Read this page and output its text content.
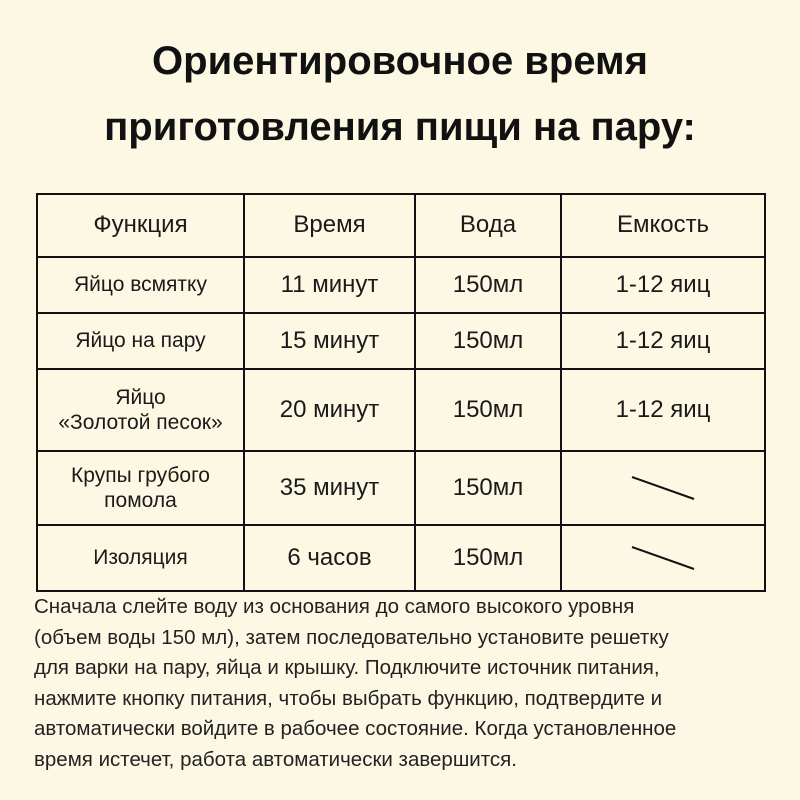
Ориентировочное время
приготовления пищи на пару:
Функция	Время	Вода	Емкость
Яйцо всмятку	11 минут	150мл	1-12 яиц
Яйцо на пару	15 минут	150мл	1-12 яиц

Яйцо
«Золотой песок»	20 минут	150мл	1-12 яиц

Крупы грубого
помола	35 минут	150мл	

Изоляция	6 часов	150мл	
Сначала слейте воду из основания до самого высокого уровня
(объем воды 150 мл), затем последовательно установите решетку
для варки на пару, яйца и крышку. Подключите источник питания,
нажмите кнопку питания, чтобы выбрать функцию, подтвердите и
автоматически войдите в рабочее состояние. Когда установленное
время истечет, работа автоматически завершится.
